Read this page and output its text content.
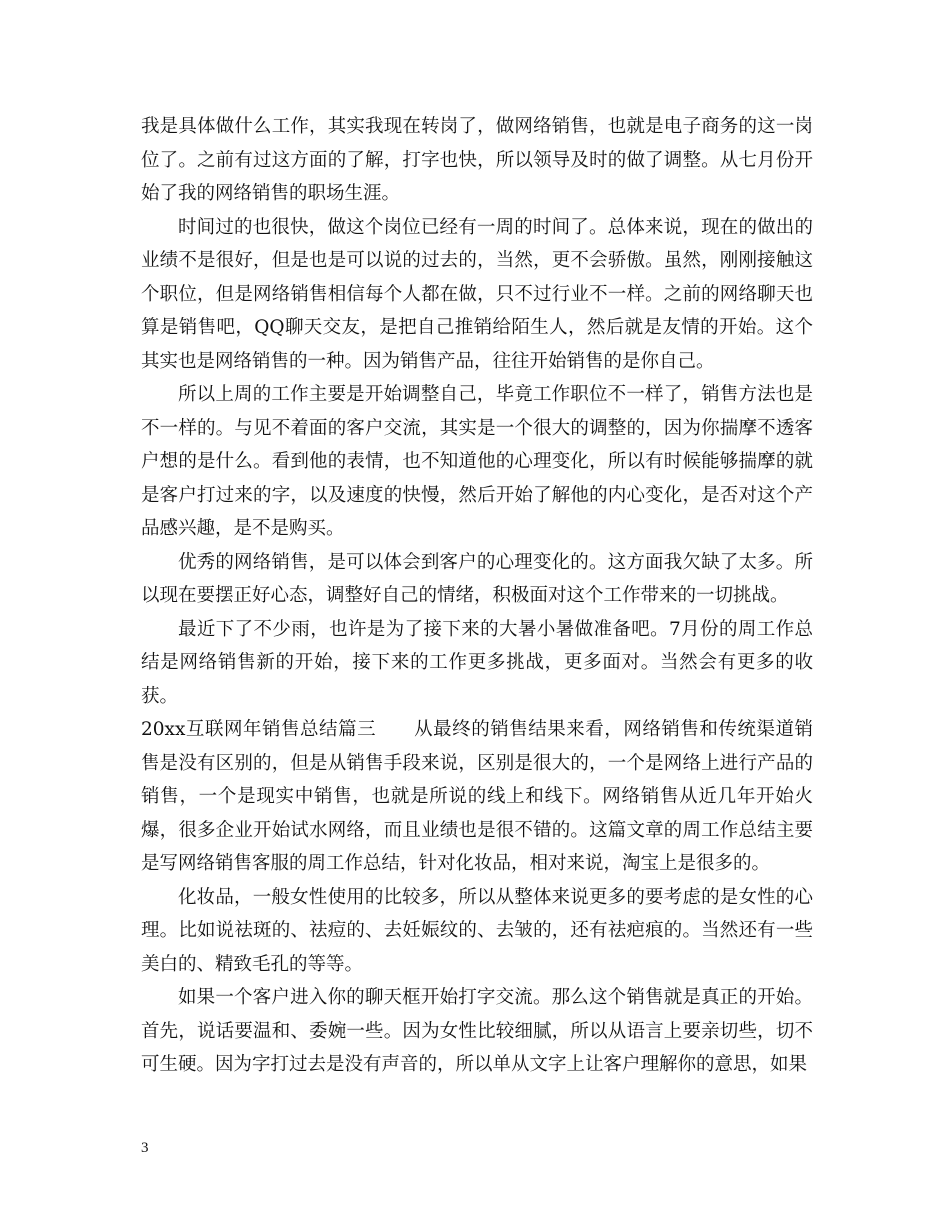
我是具体做什么工作，其实我现在转岗了，做网络销售，也就是电子商务的这一岗位了。之前有过这方面的了解，打字也快，所以领导及时的做了调整。从七月份开始了我的网络销售的职场生涯。

时间过的也很快，做这个岗位已经有一周的时间了。总体来说，现在的做出的业绩不是很好，但是也是可以说的过去的，当然，更不会骄傲。虽然，刚刚接触这个职位，但是网络销售相信每个人都在做，只不过行业不一样。之前的网络聊天也算是销售吧，QQ聊天交友，是把自己推销给陌生人，然后就是友情的开始。这个其实也是网络销售的一种。因为销售产品，往往开始销售的是你自己。

所以上周的工作主要是开始调整自己，毕竟工作职位不一样了，销售方法也是不一样的。与见不着面的客户交流，其实是一个很大的调整的，因为你揣摩不透客户想的是什么。看到他的表情，也不知道他的心理变化，所以有时候能够揣摩的就是客户打过来的字，以及速度的快慢，然后开始了解他的内心变化，是否对这个产品感兴趣，是不是购买。

优秀的网络销售，是可以体会到客户的心理变化的。这方面我欠缺了太多。所以现在要摆正好心态，调整好自己的情绪，积极面对这个工作带来的一切挑战。

最近下了不少雨，也许是为了接下来的大暑小暑做准备吧。7月份的周工作总结是网络销售新的开始，接下来的工作更多挑战，更多面对。当然会有更多的收获。

20xx互联网年销售总结篇三　　从最终的销售结果来看，网络销售和传统渠道销售是没有区别的，但是从销售手段来说，区别是很大的，一个是网络上进行产品的销售，一个是现实中销售，也就是所说的线上和线下。网络销售从近几年开始火爆，很多企业开始试水网络，而且业绩也是很不错的。这篇文章的周工作总结主要是写网络销售客服的周工作总结，针对化妆品，相对来说，淘宝上是很多的。

化妆品，一般女性使用的比较多，所以从整体来说更多的要考虑的是女性的心理。比如说祛斑的、祛痘的、去妊娠纹的、去皱的，还有祛疤痕的。当然还有一些美白的、精致毛孔的等等。

如果一个客户进入你的聊天框开始打字交流。那么这个销售就是真正的开始。首先，说话要温和、委婉一些。因为女性比较细腻，所以从语言上要亲切些，切不可生硬。因为字打过去是没有声音的，所以单从文字上让客户理解你的意思，如果

3
